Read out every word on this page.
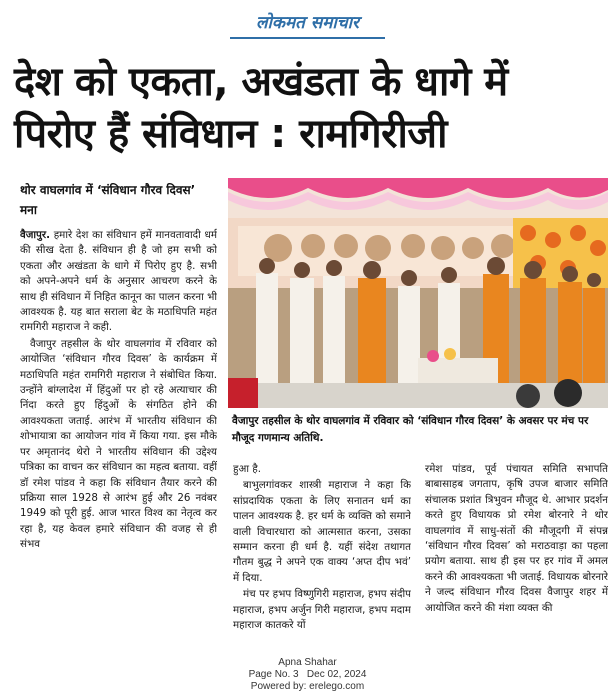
लोकमत समाचार
देश को एकता, अखंडता के धागे में
पिरोए हैं संविधान : रामगिरीजी
थोर वाघलगांव में ‘संविधान गौरव दिवस’ मना

वैजापुर. हमारे देश का संविधान हमें मानवतावादी धर्म की सीख देता है. संविधान ही है जो हम सभी को एकता और अखंडता के धागे में पिरोए हुए है. सभी को अपने-अपने धर्म के अनुसार आचरण करने के साथ ही संविधान में निहित कानून का पालन करना भी आवश्यक है. यह बात सराला बेट के मठाधिपति महंत रामगिरी महाराज ने कही.

वैजापुर तहसील के थोर वाघलगांव में रविवार को आयोजित ‘संविधान गौरव दिवस’ के कार्यक्रम में मठाधिपति महंत रामगिरी महाराज ने संबोधित किया. उन्होंने बांग्लादेश में हिंदुओं पर हो रहे अत्याचार की निंदा करते हुए हिंदुओं के संगठित होने की आवश्यकता जताई. आरंभ में भारतीय संविधान की शोभायात्रा का आयोजन गांव में किया गया. इस मौके पर अमृतानंद थेरो ने भारतीय संविधान की उद्देश्य पत्रिका का वाचन कर संविधान का महत्व बताया. वहीं डॉ रमेश पांडव ने कहा कि संविधान तैयार करने की प्रक्रिया साल 1928 से आरंभ हुई और 26 नवंबर 1949 को पूरी हुई. आज भारत विश्व का नेतृत्व कर रहा है, यह केवल हमारे संविधान की वजह से ही संभव

वैजापुर तहसील के थोर वाघलगांव में रविवार को ‘संविधान गौरव दिवस’ के अवसर पर मंच पर मौजूद गणमान्य अतिथि.

हुआ है.

बाभुलगांवकर शास्त्री महाराज ने कहा कि सांप्रदायिक एकता के लिए सनातन धर्म का पालन आवश्यक है. हर धर्म के व्यक्ति को समाने वाली विचारधारा को आत्मसात करना, उसका सम्मान करना ही धर्म है. यहीं संदेश तथागत गौतम बुद्ध ने अपने एक वाक्य ‘अप्त दीप भवं’ में दिया.

मंच पर हभप विष्णुगिरी महाराज, हभप संदीप महाराज, हभप अर्जुन गिरी महाराज, हभप मदाम महाराज कातकरे यों

रमेश पांडव, पूर्व पंचायत समिति सभापति बाबासाहब जगताप, कृषि उपज बाजार समिति संचालक प्रशांत त्रिभुवन मौजूद थे. आभार प्रदर्शन करते हुए विधायक प्रो रमेश बोरनारे ने थोर वाघलगांव में साधु-संतों की मौजूदगी में संपन्न ‘संविधान गौरव दिवस’ को मराठवाड़ा का पहला प्रयोग बताया. साथ ही इस पर हर गांव में अमल करने की आवश्यकता भी जताई. विधायक बोरनारे ने जल्द संविधान गौरव दिवस वैजापुर शहर में आयोजित करने की मंशा व्यक्त की

Apna Shahar
Page No. 3   Dec 02, 2024
Powered by: erelego.com
